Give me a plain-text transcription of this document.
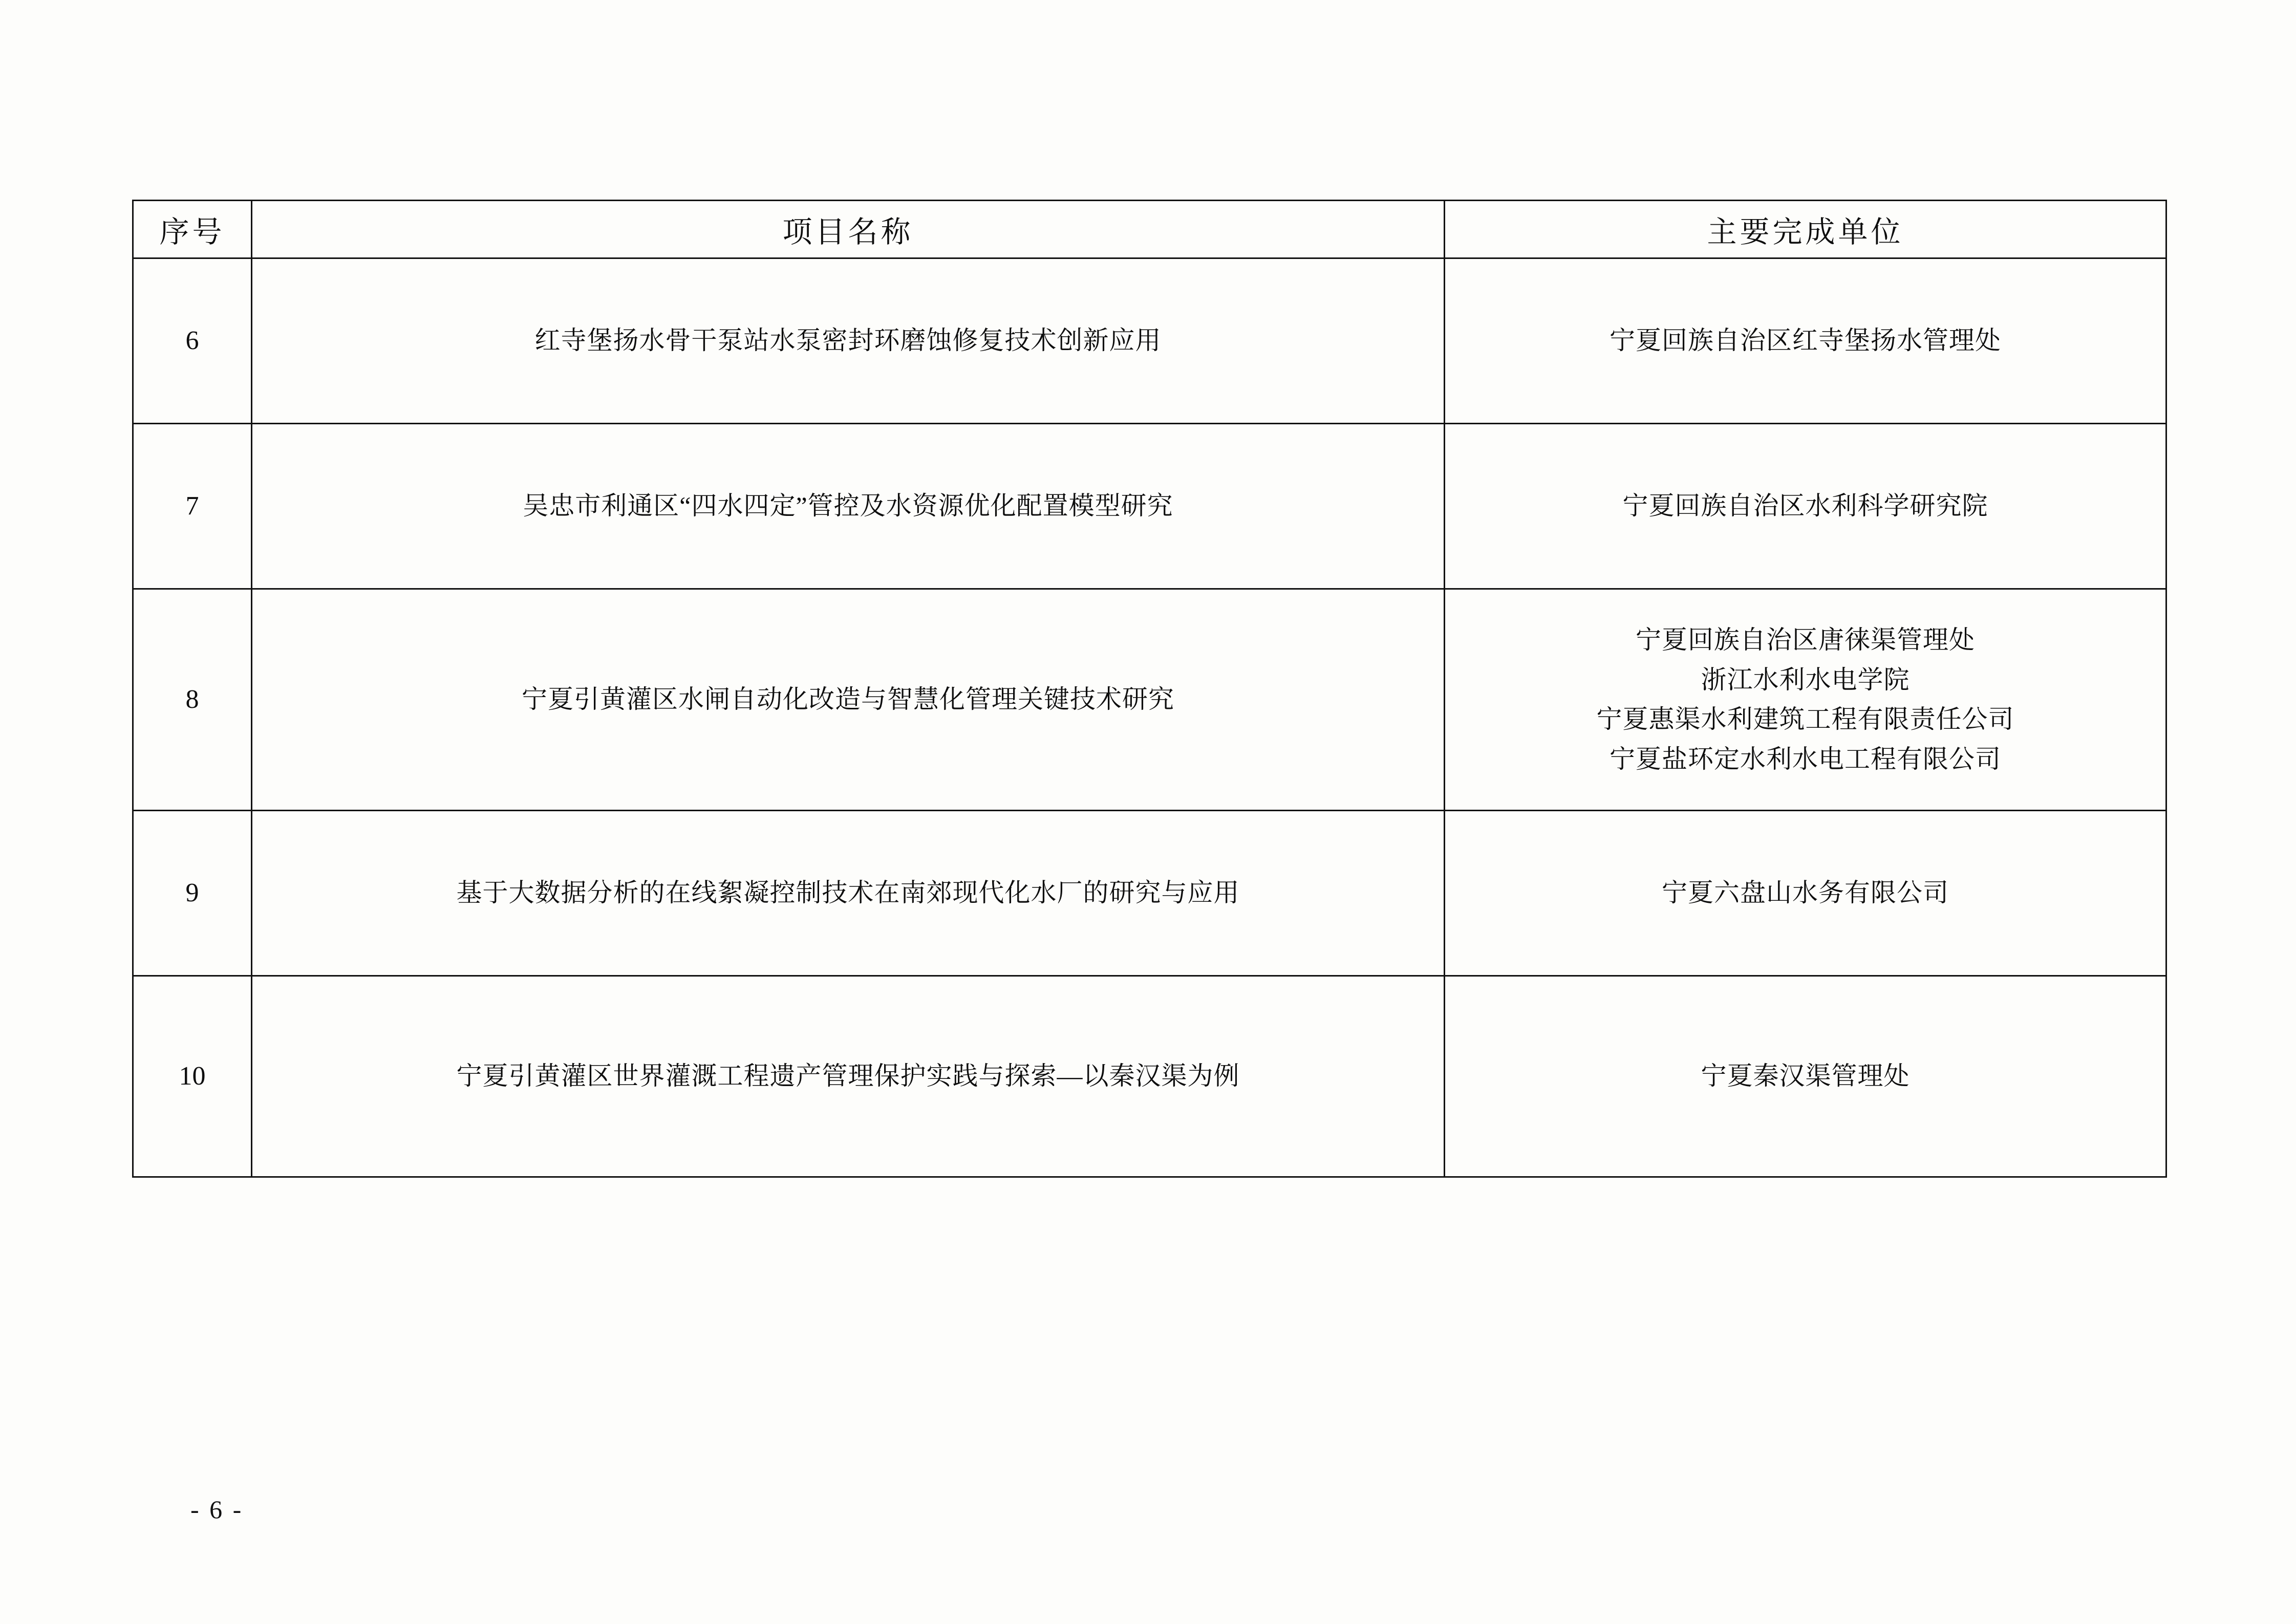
序号	项目名称	主要完成单位
6	红寺堡扬水骨干泵站水泵密封环磨蚀修复技术创新应用	宁夏回族自治区红寺堡扬水管理处

7	吴忠市利通区“四水四定”管控及水资源优化配置模型研究	宁夏回族自治区水利科学研究院

8	宁夏引黄灌区水闸自动化改造与智慧化管理关键技术研究	宁夏回族自治区唐徕渠管理处
浙江水利水电学院
宁夏惠渠水利建筑工程有限责任公司
宁夏盐环定水利水电工程有限公司

9	基于大数据分析的在线絮凝控制技术在南郊现代化水厂的研究与应用	宁夏六盘山水务有限公司

10	宁夏引黄灌区世界灌溉工程遗产管理保护实践与探索—以秦汉渠为例	宁夏秦汉渠管理处
- 6 -
